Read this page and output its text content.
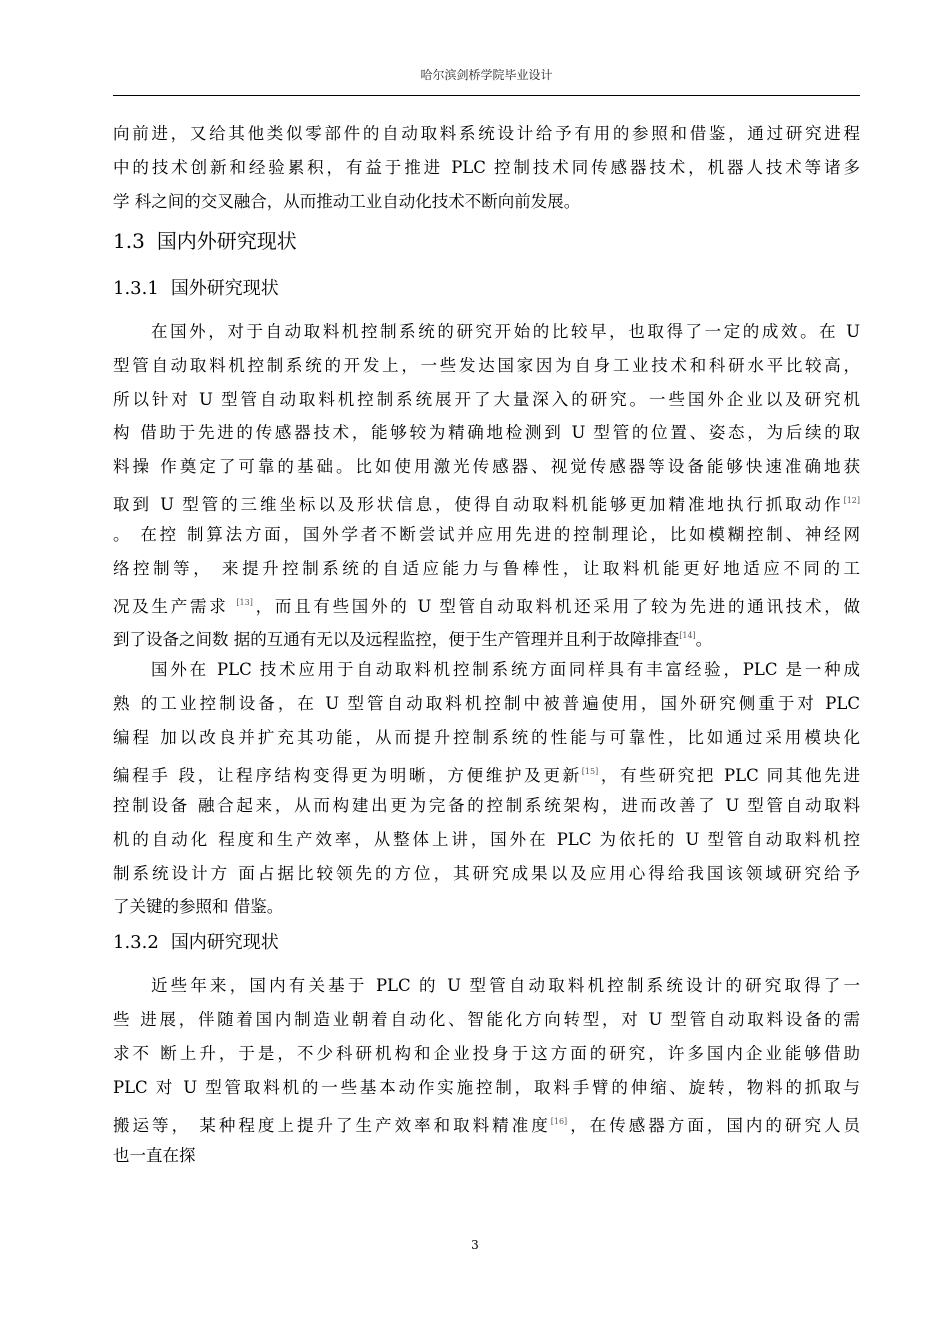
哈尔滨剑桥学院毕业设计
向前进，又给其他类似零部件的自动取料系统设计给予有用的参照和借鉴，通过研究进程
中的技术创新和经验累积，有益于推进 PLC 控制技术同传感器技术，机器人技术等诸多
学 科之间的交叉融合，从而推动工业自动化技术不断向前发展。
1.3 国内外研究现状
1.3.1 国外研究现状
在国外，对于自动取料机控制系统的研究开始的比较早，也取得了一定的成效。在 U
型管自动取料机控制系统的开发上，一些发达国家因为自身工业技术和科研水平比较高，
所以针对 U 型管自动取料机控制系统展开了大量深入的研究。一些国外企业以及研究机
构 借助于先进的传感器技术，能够较为精确地检测到 U 型管的位置、姿态，为后续的取
料操 作奠定了可靠的基础。比如使用激光传感器、视觉传感器等设备能够快速准确地获
取到 U 型管的三维坐标以及形状信息，使得自动取料机能够更加精准地执行抓取动作[12]
。 在控 制算法方面，国外学者不断尝试并应用先进的控制理论，比如模糊控制、神经网
络控制等， 来提升控制系统的自适应能力与鲁棒性，让取料机能更好地适应不同的工
况及生产需求 [13]，而且有些国外的 U 型管自动取料机还采用了较为先进的通讯技术，做
到了设备之间数 据的互通有无以及远程监控，便于生产管理并且利于故障排查[14]。
国外在 PLC 技术应用于自动取料机控制系统方面同样具有丰富经验，PLC 是一种成
熟 的工业控制设备，在 U 型管自动取料机控制中被普遍使用，国外研究侧重于对 PLC
编程 加以改良并扩充其功能，从而提升控制系统的性能与可靠性，比如通过采用模块化
编程手 段，让程序结构变得更为明晰，方便维护及更新[15]，有些研究把 PLC 同其他先进
控制设备 融合起来，从而构建出更为完备的控制系统架构，进而改善了 U 型管自动取料
机的自动化 程度和生产效率，从整体上讲，国外在 PLC 为依托的 U 型管自动取料机控
制系统设计方 面占据比较领先的方位，其研究成果以及应用心得给我国该领域研究给予
了关键的参照和 借鉴。
1.3.2 国内研究现状
近些年来，国内有关基于 PLC 的 U 型管自动取料机控制系统设计的研究取得了一
些 进展，伴随着国内制造业朝着自动化、智能化方向转型，对 U 型管自动取料设备的需
求不 断上升，于是，不少科研机构和企业投身于这方面的研究，许多国内企业能够借助
PLC 对 U 型管取料机的一些基本动作实施控制，取料手臂的伸缩、旋转，物料的抓取与
搬运等， 某种程度上提升了生产效率和取料精准度[16]，在传感器方面，国内的研究人员
也一直在探
3
